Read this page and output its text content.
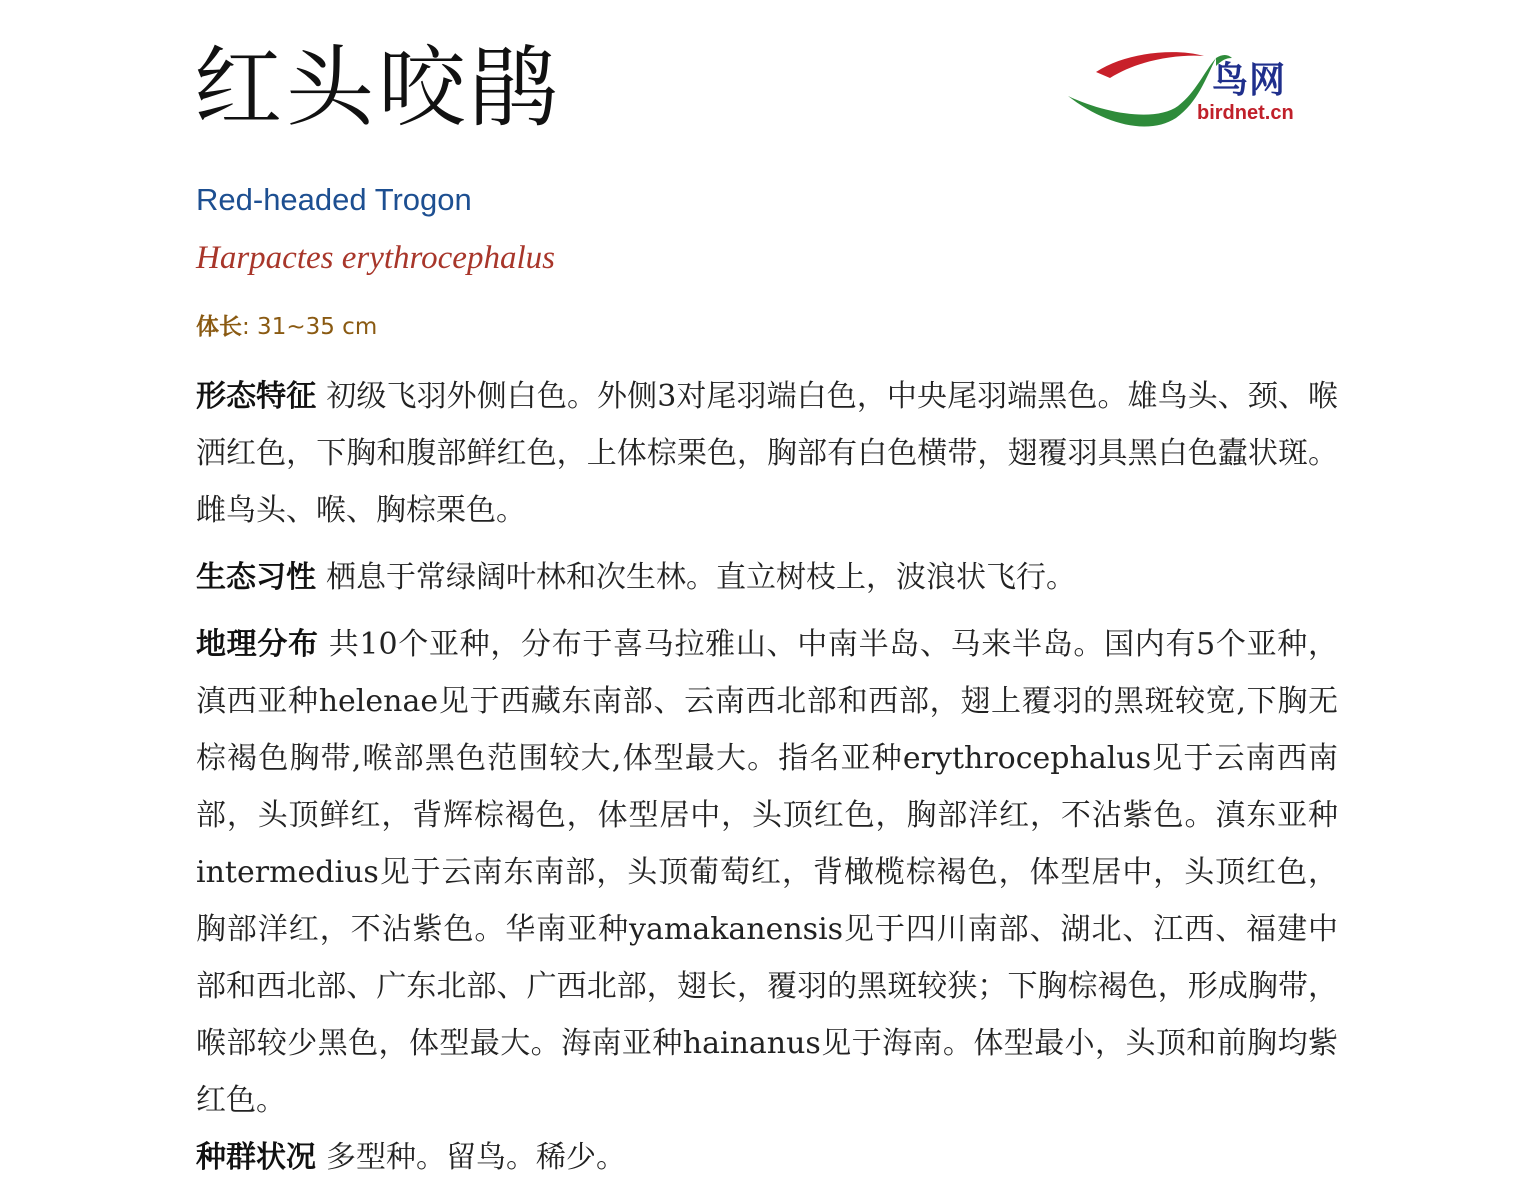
红头咬鹃	鸟网
birdnet.cn
Red-headed Trogon
Harpactes erythrocephalus
体长: 31~35 cm

形态特征 初级飞羽外侧白色。外侧3对尾羽端白色，中央尾羽端黑色。雄鸟头、颈、喉洒红色，下胸和腹部鲜红色，上体棕栗色，胸部有白色横带，翅覆羽具黑白色蠹状斑。雌鸟头、喉、胸棕栗色。

生态习性 栖息于常绿阔叶林和次生林。直立树枝上，波浪状飞行。

地理分布 共10个亚种，分布于喜马拉雅山、中南半岛、马来半岛。国内有5个亚种，滇西亚种helenae见于西藏东南部、云南西北部和西部，翅上覆羽的黑斑较宽,下胸无棕褐色胸带,喉部黑色范围较大,体型最大。指名亚种erythrocephalus见于云南西南部，头顶鲜红，背辉棕褐色，体型居中，头顶红色，胸部洋红，不沾紫色。滇东亚种intermedius见于云南东南部，头顶葡萄红，背橄榄棕褐色，体型居中，头顶红色，胸部洋红，不沾紫色。华南亚种yamakanensis见于四川南部、湖北、江西、福建中部和西北部、广东北部、广西北部，翅长，覆羽的黑斑较狭；下胸棕褐色，形成胸带，喉部较少黑色，体型最大。海南亚种hainanus见于海南。体型最小，头顶和前胸均紫红色。

种群状况 多型种。留鸟。稀少。
